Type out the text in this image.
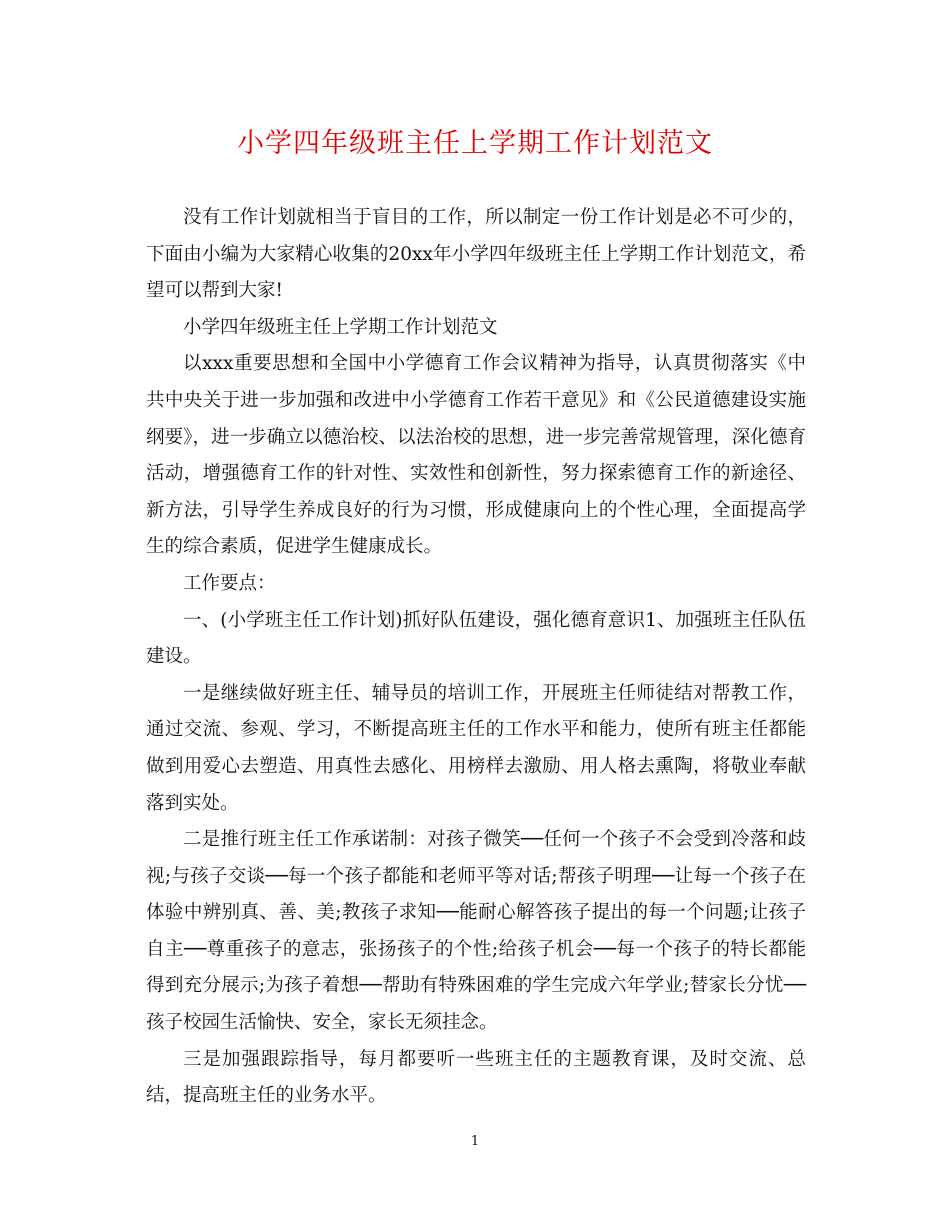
小学四年级班主任上学期工作计划范文

没有工作计划就相当于盲目的工作，所以制定一份工作计划是必不可少的，下面由小编为大家精心收集的20xx年小学四年级班主任上学期工作计划范文，希望可以帮到大家!

小学四年级班主任上学期工作计划范文

以xxx重要思想和全国中小学德育工作会议精神为指导，认真贯彻落实《中共中央关于进一步加强和改进中小学德育工作若干意见》和《公民道德建设实施纲要》，进一步确立以德治校、以法治校的思想，进一步完善常规管理，深化德育活动，增强德育工作的针对性、实效性和创新性，努力探索德育工作的新途径、新方法，引导学生养成良好的行为习惯，形成健康向上的个性心理，全面提高学生的综合素质，促进学生健康成长。

工作要点：

一、(小学班主任工作计划)抓好队伍建设，强化德育意识1、加强班主任队伍建设。

一是继续做好班主任、辅导员的培训工作，开展班主任师徒结对帮教工作，通过交流、参观、学习，不断提高班主任的工作水平和能力，使所有班主任都能做到用爱心去塑造、用真性去感化、用榜样去激励、用人格去熏陶，将敬业奉献落到实处。

二是推行班主任工作承诺制：对孩子微笑──任何一个孩子不会受到冷落和歧视;与孩子交谈──每一个孩子都能和老师平等对话;帮孩子明理──让每一个孩子在体验中辨别真、善、美;教孩子求知──能耐心解答孩子提出的每一个问题;让孩子自主──尊重孩子的意志，张扬孩子的个性;给孩子机会──每一个孩子的特长都能得到充分展示;为孩子着想──帮助有特殊困难的学生完成六年学业;替家长分忧──孩子校园生活愉快、安全，家长无须挂念。

三是加强跟踪指导，每月都要听一些班主任的主题教育课，及时交流、总结，提高班主任的业务水平。

1
